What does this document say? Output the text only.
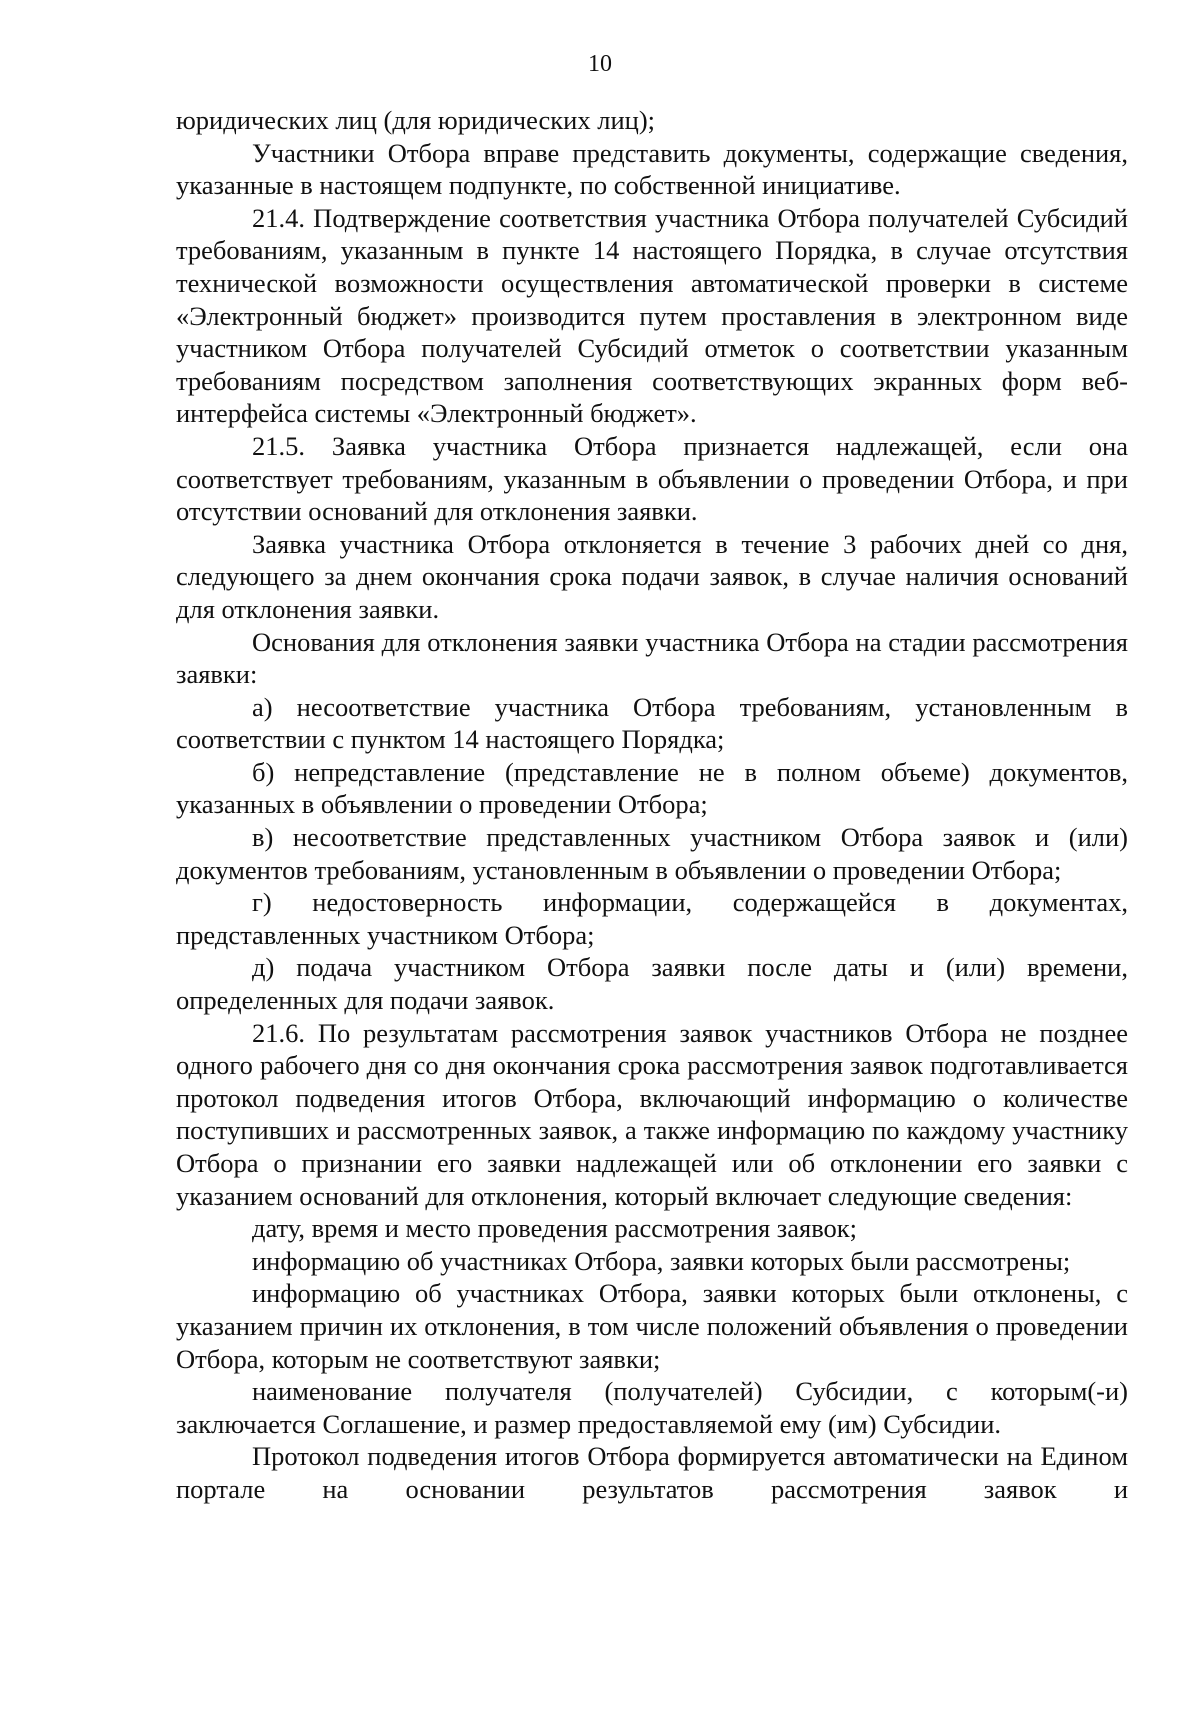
10

юридических лиц (для юридических лиц);

Участники Отбора вправе представить документы, содержащие сведения, указанные в настоящем подпункте, по собственной инициативе.

21.4. Подтверждение соответствия участника Отбора получателей Субсидий требованиям, указанным в пункте 14 настоящего Порядка, в случае отсутствия технической возможности осуществления автоматической проверки в системе «Электронный бюджет» производится путем проставления в электронном виде участником Отбора получателей Субсидий отметок о соответствии указанным требованиям посредством заполнения соответствующих экранных форм веб-интерфейса системы «Электронный бюджет».

21.5. Заявка участника Отбора признается надлежащей, если она соответствует требованиям, указанным в объявлении о проведении Отбора, и при отсутствии оснований для отклонения заявки.

Заявка участника Отбора отклоняется в течение 3 рабочих дней со дня, следующего за днем окончания срока подачи заявок, в случае наличия оснований для отклонения заявки.

Основания для отклонения заявки участника Отбора на стадии рассмотрения заявки:

а) несоответствие участника Отбора требованиям, установленным в соответствии с пунктом 14 настоящего Порядка;

б) непредставление (представление не в полном объеме) документов, указанных в объявлении о проведении Отбора;

в) несоответствие представленных участником Отбора заявок и (или) документов требованиям, установленным в объявлении о проведении Отбора;

г) недостоверность информации, содержащейся в документах, представленных участником Отбора;

д) подача участником Отбора заявки после даты и (или) времени, определенных для подачи заявок.

21.6. По результатам рассмотрения заявок участников Отбора не позднее одного рабочего дня со дня окончания срока рассмотрения заявок подготавливается протокол подведения итогов Отбора, включающий информацию о количестве поступивших и рассмотренных заявок, а также информацию по каждому участнику Отбора о признании его заявки надлежащей или об отклонении его заявки с указанием оснований для отклонения, который включает следующие сведения:

дату, время и место проведения рассмотрения заявок;

информацию об участниках Отбора, заявки которых были рассмотрены;

информацию об участниках Отбора, заявки которых были отклонены, с указанием причин их отклонения, в том числе положений объявления о проведении Отбора, которым не соответствуют заявки;

наименование получателя (получателей) Субсидии, с которым(-и) заключается Соглашение, и размер предоставляемой ему (им) Субсидии.

Протокол подведения итогов Отбора формируется автоматически на Едином портале на основании результатов рассмотрения заявок и
